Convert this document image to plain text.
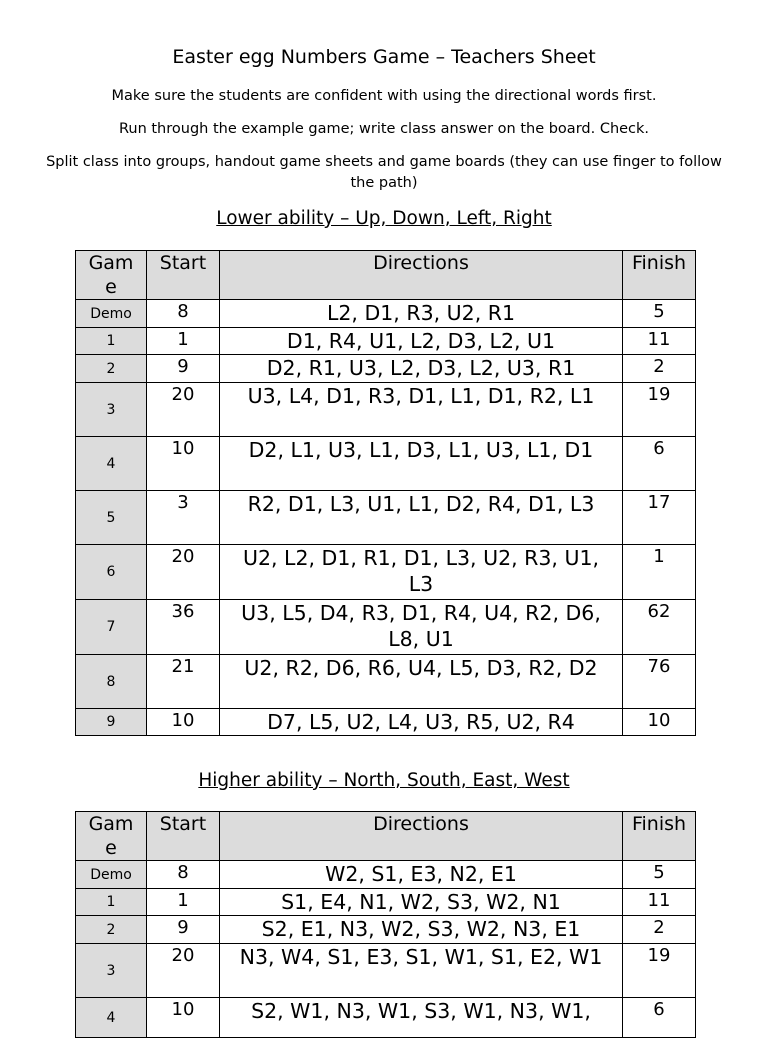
Easter egg Numbers Game – Teachers Sheet
Make sure the students are confident with using the directional words first.
Run through the example game; write class answer on the board. Check.
Split class into groups, handout game sheets and game boards (they can use finger to follow the path)
Lower ability – Up, Down, Left, Right
Game	Start	Directions	Finish
Demo	8	L2, D1, R3, U2, R1	5
1	1	D1, R4, U1, L2, D3, L2, U1	11
2	9	D2, R1, U3, L2, D3, L2, U3, R1	2
3	20	U3, L4, D1, R3, D1, L1, D1, R2, L1	19
4	10	D2, L1, U3, L1, D3, L1, U3, L1, D1	6
5	3	R2, D1, L3, U1, L1, D2, R4, D1, L3	17
6	20	U2, L2, D1, R1, D1, L3, U2, R3, U1, L3	1
7	36	U3, L5, D4, R3, D1, R4, U4, R2, D6, L8, U1	62
8	21	U2, R2, D6, R6, U4, L5, D3, R2, D2	76
9	10	D7, L5, U2, L4, U3, R5, U2, R4	10
Higher ability – North, South, East, West
Game	Start	Directions	Finish
Demo	8	W2, S1, E3, N2, E1	5
1	1	S1, E4, N1, W2, S3, W2, N1	11
2	9	S2, E1, N3, W2, S3, W2, N3, E1	2
3	20	N3, W4, S1, E3, S1, W1, S1, E2, W1	19
4	10	S2, W1, N3, W1, S3, W1, N3, W1,	6
